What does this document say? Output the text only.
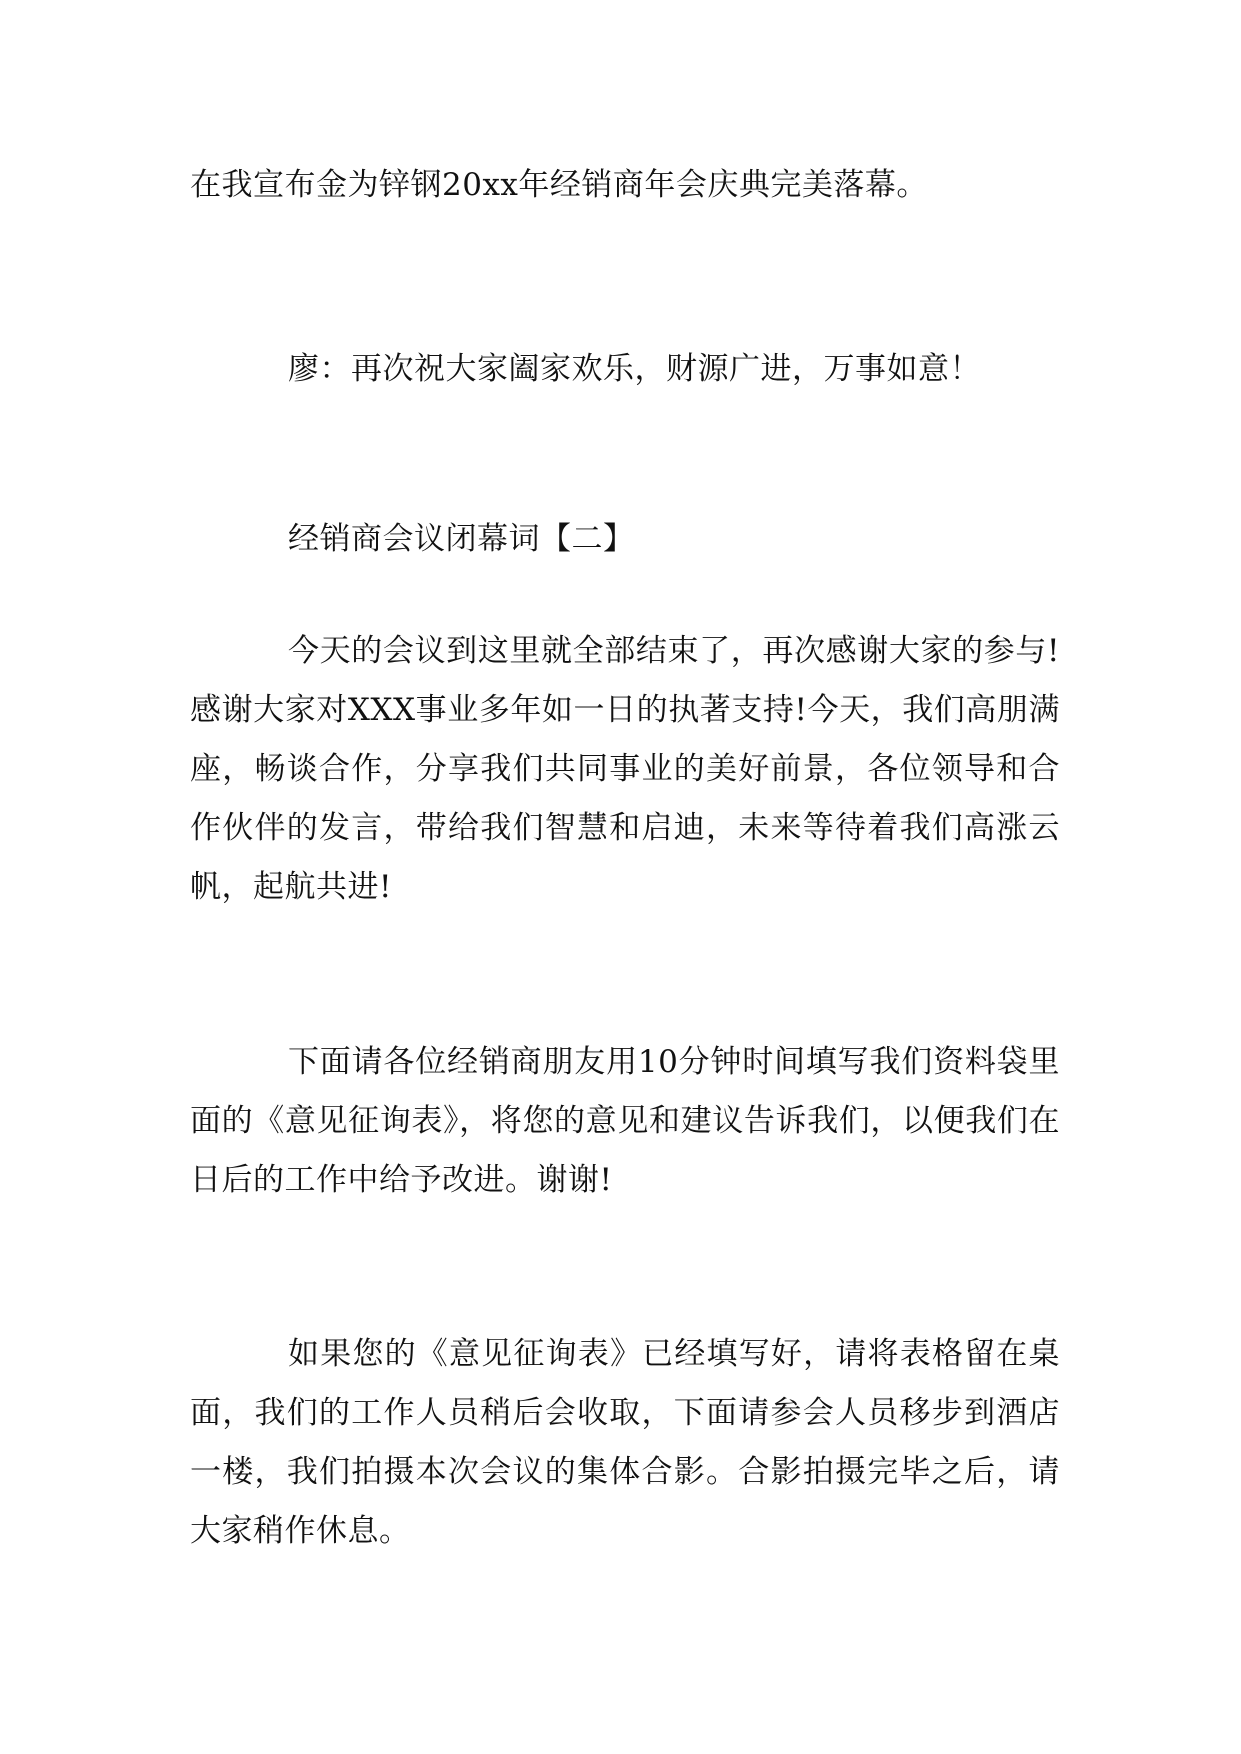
在我宣布金为锌钢20xx年经销商年会庆典完美落幕。

廖：再次祝大家阖家欢乐，财源广进，万事如意！

经销商会议闭幕词【二】

今天的会议到这里就全部结束了，再次感谢大家的参与!感谢大家对XXX事业多年如一日的执著支持!今天，我们高朋满座，畅谈合作，分享我们共同事业的美好前景，各位领导和合作伙伴的发言，带给我们智慧和启迪，未来等待着我们高涨云帆，起航共进!

下面请各位经销商朋友用10分钟时间填写我们资料袋里面的《意见征询表》，将您的意见和建议告诉我们，以便我们在日后的工作中给予改进。谢谢!

如果您的《意见征询表》已经填写好，请将表格留在桌面，我们的工作人员稍后会收取，下面请参会人员移步到酒店一楼，我们拍摄本次会议的集体合影。合影拍摄完毕之后，请大家稍作休息。
